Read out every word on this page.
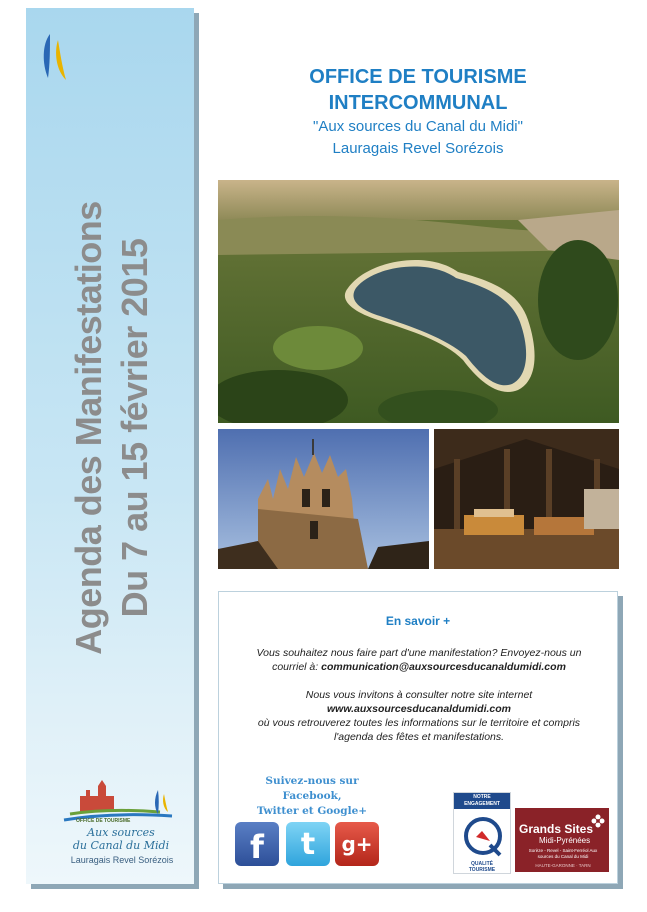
Agenda des Manifestations Du 7 au 15 février 2015
OFFICE DE TOURISME
Aux sources
du Canal du Midi
Lauragais Revel Sorézois
OFFICE DE TOURISME INTERCOMMUNAL
"Aux sources du Canal du Midi"
Lauragais Revel Sorézois
En savoir +
Vous souhaitez nous faire part d'une manifestation? Envoyez-nous un
courriel à: communication@auxsourcesducanaldumidi.com
Nous vous invitons à consulter notre site internet
www.auxsourcesducanaldumidi.com
où vous retrouverez toutes les informations sur le territoire et compris
l'agenda des fêtes et manifestations.
Suivez-nous sur Facebook,
Twitter et Google+
f	t	g+
NOTRE
ENGAGEMENT
QUALITÉ
TOURISME
Grands Sites
Midi-Pyrénées
Sorèze - Revel - Saint-Ferréol Aux sources du Canal du Midi
HAUTE-GARONNE · TARN
